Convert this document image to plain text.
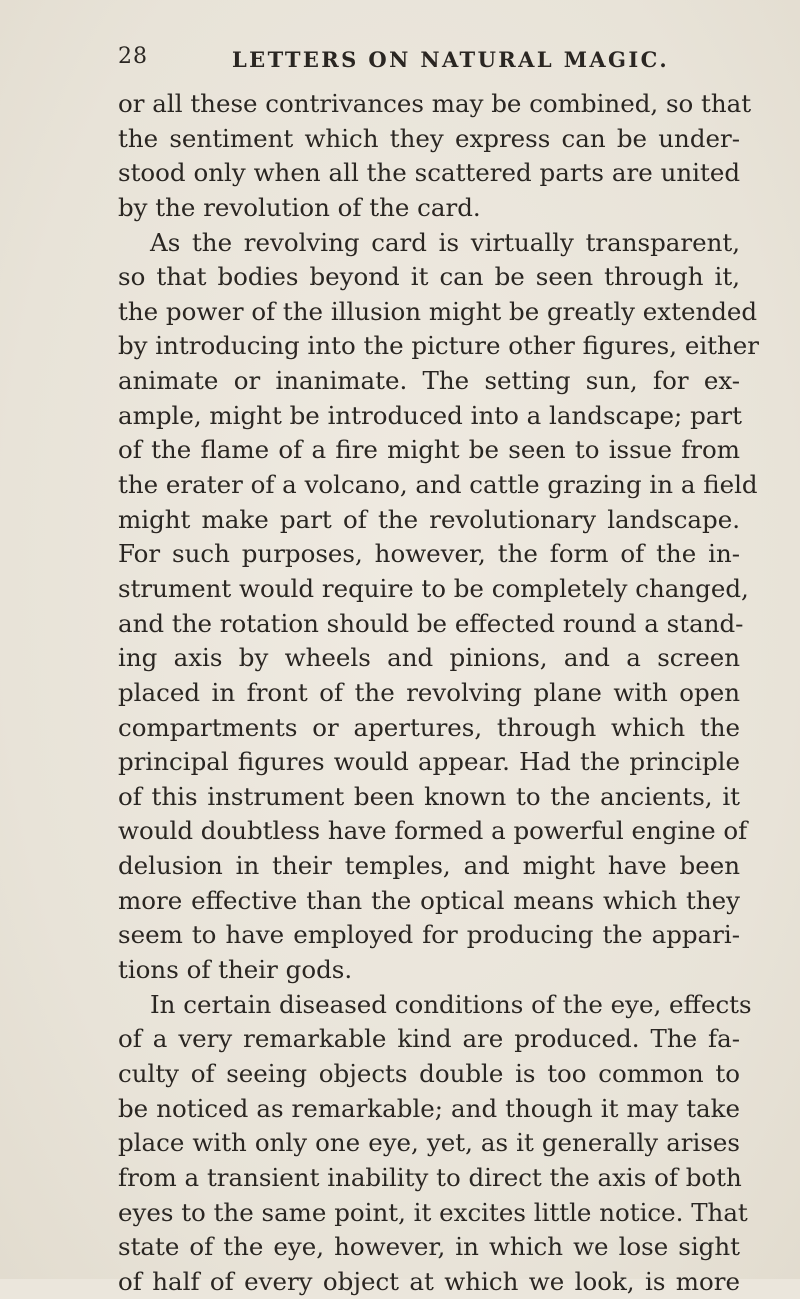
28	LETTERS ON NATURAL MAGIC.
or all these contrivances may be combined, so that
the sentiment which they express can be under-
stood only when all the scattered parts are united
by the revolution of the card.
As the revolving card is virtually transparent,
so that bodies beyond it can be seen through it,
the power of the illusion might be greatly extended
by introducing into the picture other figures, either
animate or inanimate. The setting sun, for ex-
ample, might be introduced into a landscape; part
of the flame of a fire might be seen to issue from
the erater of a volcano, and cattle grazing in a field
might make part of the revolutionary landscape.
For such purposes, however, the form of the in-
strument would require to be completely changed,
and the rotation should be effected round a stand-
ing axis by wheels and pinions, and a screen
placed in front of the revolving plane with open
compartments or apertures, through which the
principal figures would appear. Had the principle
of this instrument been known to the ancients, it
would doubtless have formed a powerful engine of
delusion in their temples, and might have been
more effective than the optical means which they
seem to have employed for producing the appari-
tions of their gods.
In certain diseased conditions of the eye, effects
of a very remarkable kind are produced. The fa-
culty of seeing objects double is too common to
be noticed as remarkable; and though it may take
place with only one eye, yet, as it generally arises
from a transient inability to direct the axis of both
eyes to the same point, it excites little notice. That
state of the eye, however, in which we lose sight
of half of every object at which we look, is more
